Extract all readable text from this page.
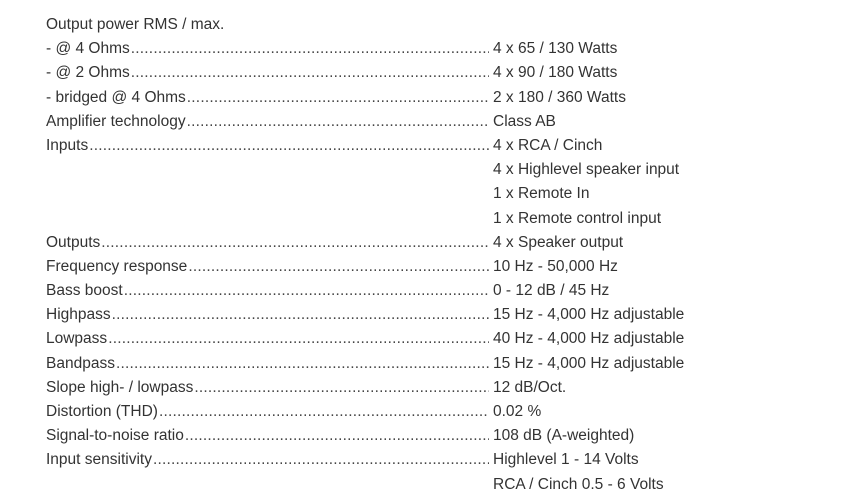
Output power RMS / max.
- @ 4 Ohms .....	4 x 65 / 130 Watts
- @ 2 Ohms .....	4 x 90 / 180 Watts
- bridged @ 4 Ohms .....	2 x 180 / 360 Watts
Amplifier technology .....	Class AB
Inputs .....	4 x RCA / Cinch
4 x Highlevel speaker input
1 x Remote In
1 x Remote control input
Outputs .....	4 x Speaker output
Frequency response .....	10 Hz - 50,000 Hz
Bass boost .....	0 - 12 dB / 45 Hz
Highpass .....	15 Hz - 4,000 Hz adjustable
Lowpass .....	40 Hz - 4,000 Hz adjustable
Bandpass .....	15 Hz - 4,000 Hz adjustable
Slope high- / lowpass .....	12 dB/Oct.
Distortion (THD) .....	0.02 %
Signal-to-noise ratio .....	108 dB (A-weighted)
Input sensitivity .....	Highlevel 1 - 14 Volts
RCA / Cinch 0.5 - 6 Volts
